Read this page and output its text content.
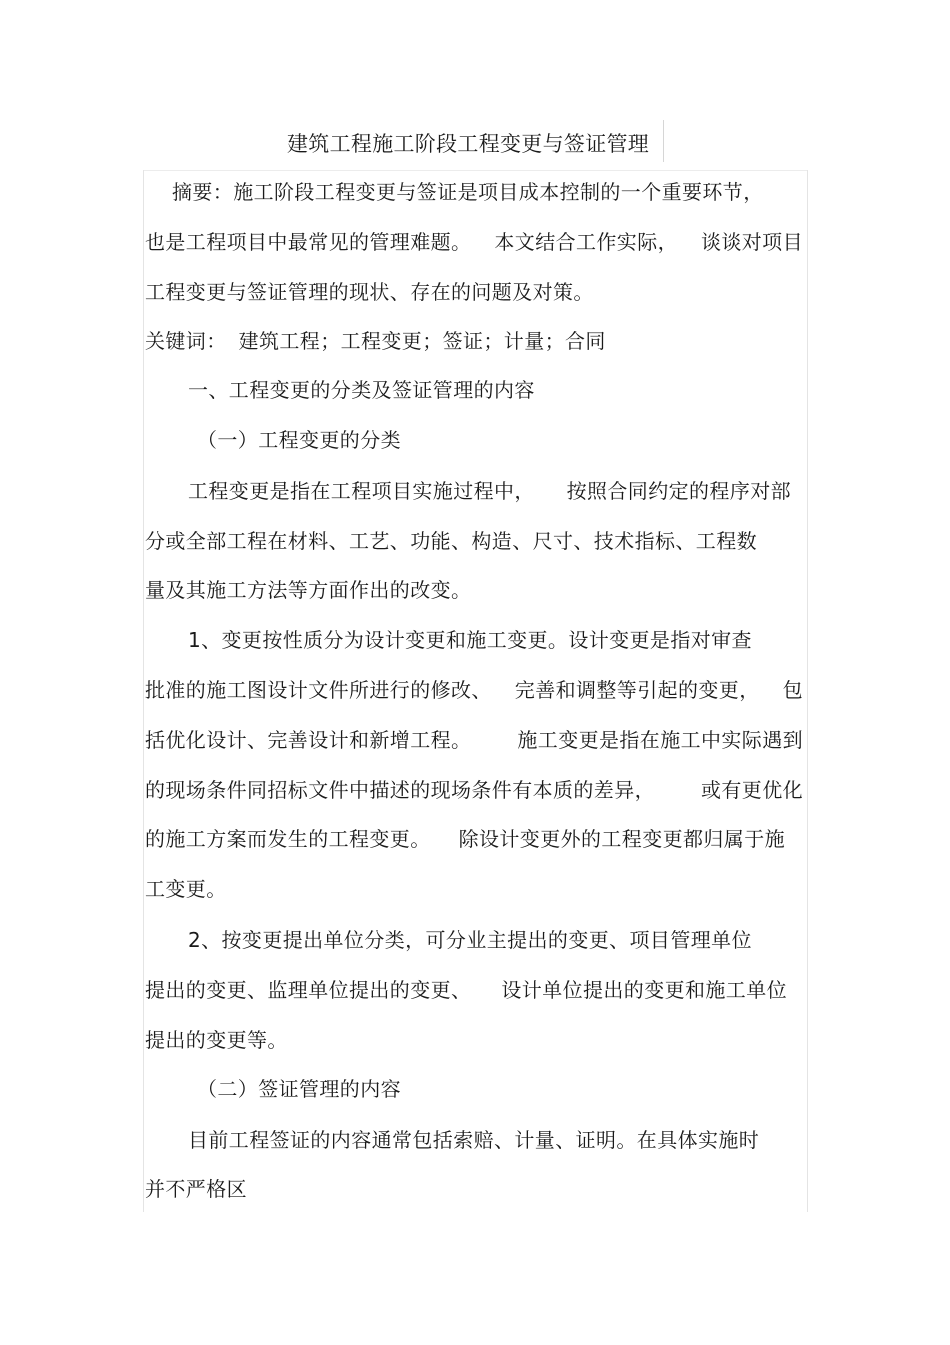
建筑工程施工阶段工程变更与签证管理
摘要：施工阶段工程变更与签证是项目成本控制的一个重要环节，
也是工程项目中最常见的管理难题。 本文结合工作实际， 谈谈对项目
工程变更与签证管理的现状、存在的问题及对策。
关键词： 建筑工程；工程变更；签证；计量；合同
一、工程变更的分类及签证管理的内容
（一）工程变更的分类
工程变更是指在工程项目实施过程中， 按照合同约定的程序对部
分或全部工程在材料、工艺、功能、构造、尺寸、技术指标、工程数
量及其施工方法等方面作出的改变。
1、变更按性质分为设计变更和施工变更。设计变更是指对审查
批准的施工图设计文件所进行的修改、 完善和调整等引起的变更， 包
括优化设计、完善设计和新增工程。 施工变更是指在施工中实际遇到
的现场条件同招标文件中描述的现场条件有本质的差异， 或有更优化
的施工方案而发生的工程变更。 除设计变更外的工程变更都归属于施
工变更。
2、按变更提出单位分类，可分业主提出的变更、项目管理单位
提出的变更、监理单位提出的变更、 设计单位提出的变更和施工单位
提出的变更等。
（二）签证管理的内容
目前工程签证的内容通常包括索赔、计量、证明。在具体实施时
并不严格区
